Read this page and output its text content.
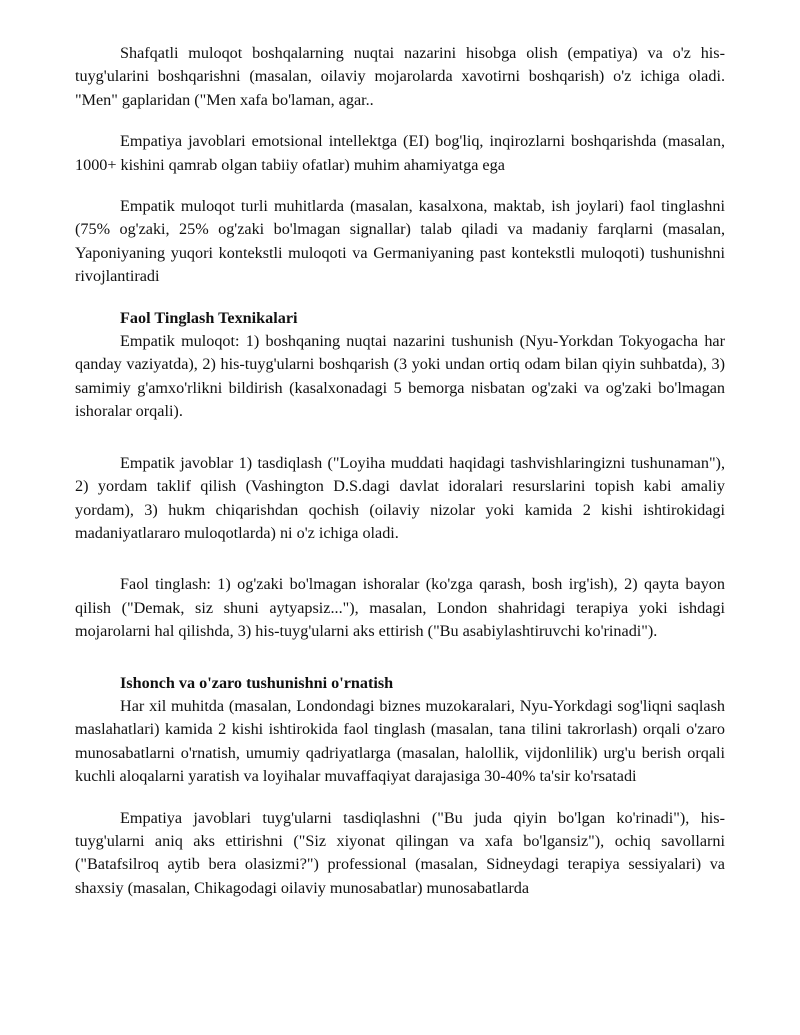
Shafqatli muloqot boshqalarning nuqtai nazarini hisobga olish (empatiya) va o'z his-tuyg'ularini boshqarishni (masalan, oilaviy mojarolarda xavotirni boshqarish) o'z ichiga oladi. "Men" gaplaridan ("Men xafa bo'laman, agar..

Empatiya javoblari emotsional intellektga (EI) bog'liq, inqirozlarni boshqarishda (masalan, 1000+ kishini qamrab olgan tabiiy ofatlar) muhim ahamiyatga ega

Empatik muloqot turli muhitlarda (masalan, kasalxona, maktab, ish joylari) faol tinglashni (75% og'zaki, 25% og'zaki bo'lmagan signallar) talab qiladi va madaniy farqlarni (masalan, Yaponiyaning yuqori kontekstli muloqoti va Germaniyaning past kontekstli muloqoti) tushunishni rivojlantiradi

Faol Tinglash Texnikalari

Empatik muloqot: 1) boshqaning nuqtai nazarini tushunish (Nyu-Yorkdan Tokyogacha har qanday vaziyatda), 2) his-tuyg'ularni boshqarish (3 yoki undan ortiq odam bilan qiyin suhbatda), 3) samimiy g'amxo'rlikni bildirish (kasalxonadagi 5 bemorga nisbatan og'zaki va og'zaki bo'lmagan ishoralar orqali).

Empatik javoblar 1) tasdiqlash ("Loyiha muddati haqidagi tashvishlaringizni tushunaman"), 2) yordam taklif qilish (Vashington D.S.dagi davlat idoralari resurslarini topish kabi amaliy yordam), 3) hukm chiqarishdan qochish (oilaviy nizolar yoki kamida 2 kishi ishtirokidagi madaniyatlararo muloqotlarda) ni o'z ichiga oladi.

Faol tinglash: 1) og'zaki bo'lmagan ishoralar (ko'zga qarash, bosh irg'ish), 2) qayta bayon qilish ("Demak, siz shuni aytyapsiz..."), masalan, London shahridagi terapiya yoki ishdagi mojarolarni hal qilishda, 3) his-tuyg'ularni aks ettirish ("Bu asabiylashtiruvchi ko'rinadi").

Ishonch va o'zaro tushunishni o'rnatish

Har xil muhitda (masalan, Londondagi biznes muzokaralari, Nyu-Yorkdagi sog'liqni saqlash maslahatlari) kamida 2 kishi ishtirokida faol tinglash (masalan, tana tilini takrorlash) orqali o'zaro munosabatlarni o'rnatish, umumiy qadriyatlarga (masalan, halollik, vijdonlilik) urg'u berish orqali kuchli aloqalarni yaratish va loyihalar muvaffaqiyat darajasiga 30-40% ta'sir ko'rsatadi

Empatiya javoblari tuyg'ularni tasdiqlashni ("Bu juda qiyin bo'lgan ko'rinadi"), his-tuyg'ularni aniq aks ettirishni ("Siz xiyonat qilingan va xafa bo'lgansiz"), ochiq savollarni ("Batafsilroq aytib bera olasizmi?") professional (masalan, Sidneydagi terapiya sessiyalari) va shaxsiy (masalan, Chikagodagi oilaviy munosabatlar) munosabatlarda
